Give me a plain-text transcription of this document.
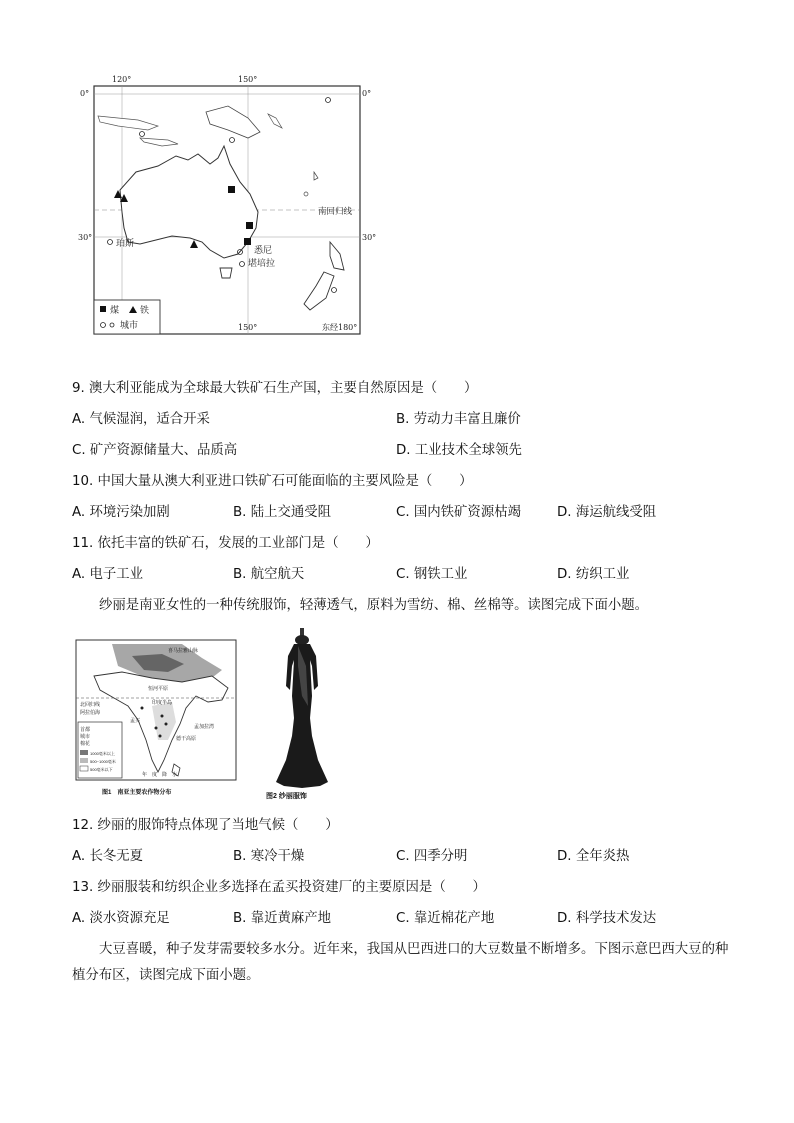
120°	150°
0°	0°
30°	30°
150°	东经180°
南回归线
珀斯
悉尼
堪培拉
煤 铁
城市
9. 澳大利亚能成为全球最大铁矿石生产国，主要自然原因是（　　）
A. 气候湿润，适合开采	B. 劳动力丰富且廉价
C. 矿产资源储量大、品质高	D. 工业技术全球领先
10. 中国大量从澳大利亚进口铁矿石可能面临的主要风险是（　　）
A. 环境污染加剧	B. 陆上交通受阻	C. 国内铁矿资源枯竭	D. 海运航线受阻
11. 依托丰富的铁矿石，发展的工业部门是（　　）
A. 电子工业	B. 航空航天	C. 钢铁工业	D. 纺织工业
纱丽是南亚女性的一种传统服饰，轻薄透气，原料为雪纺、棉、丝棉等。读图完成下面小题。
首都
城市
棉花
1000毫米以上
500~1000毫米
500毫米以下
喜马拉雅山脉
恒河平原
北回归线
阿拉伯海
印度半岛
孟买
孟加拉湾
德干高原
年　度　降　水
图1　南亚主要农作物分布	图2 纱丽服饰
12. 纱丽的服饰特点体现了当地气候（　　）
A. 长冬无夏	B. 寒冷干燥	C. 四季分明	D. 全年炎热
13. 纱丽服装和纺织企业多选择在孟买投资建厂的主要原因是（　　）
A. 淡水资源充足	B. 靠近黄麻产地	C. 靠近棉花产地	D. 科学技术发达
大豆喜暖，种子发芽需要较多水分。近年来，我国从巴西进口的大豆数量不断增多。下图示意巴西大豆的种植分布区，读图完成下面小题。
